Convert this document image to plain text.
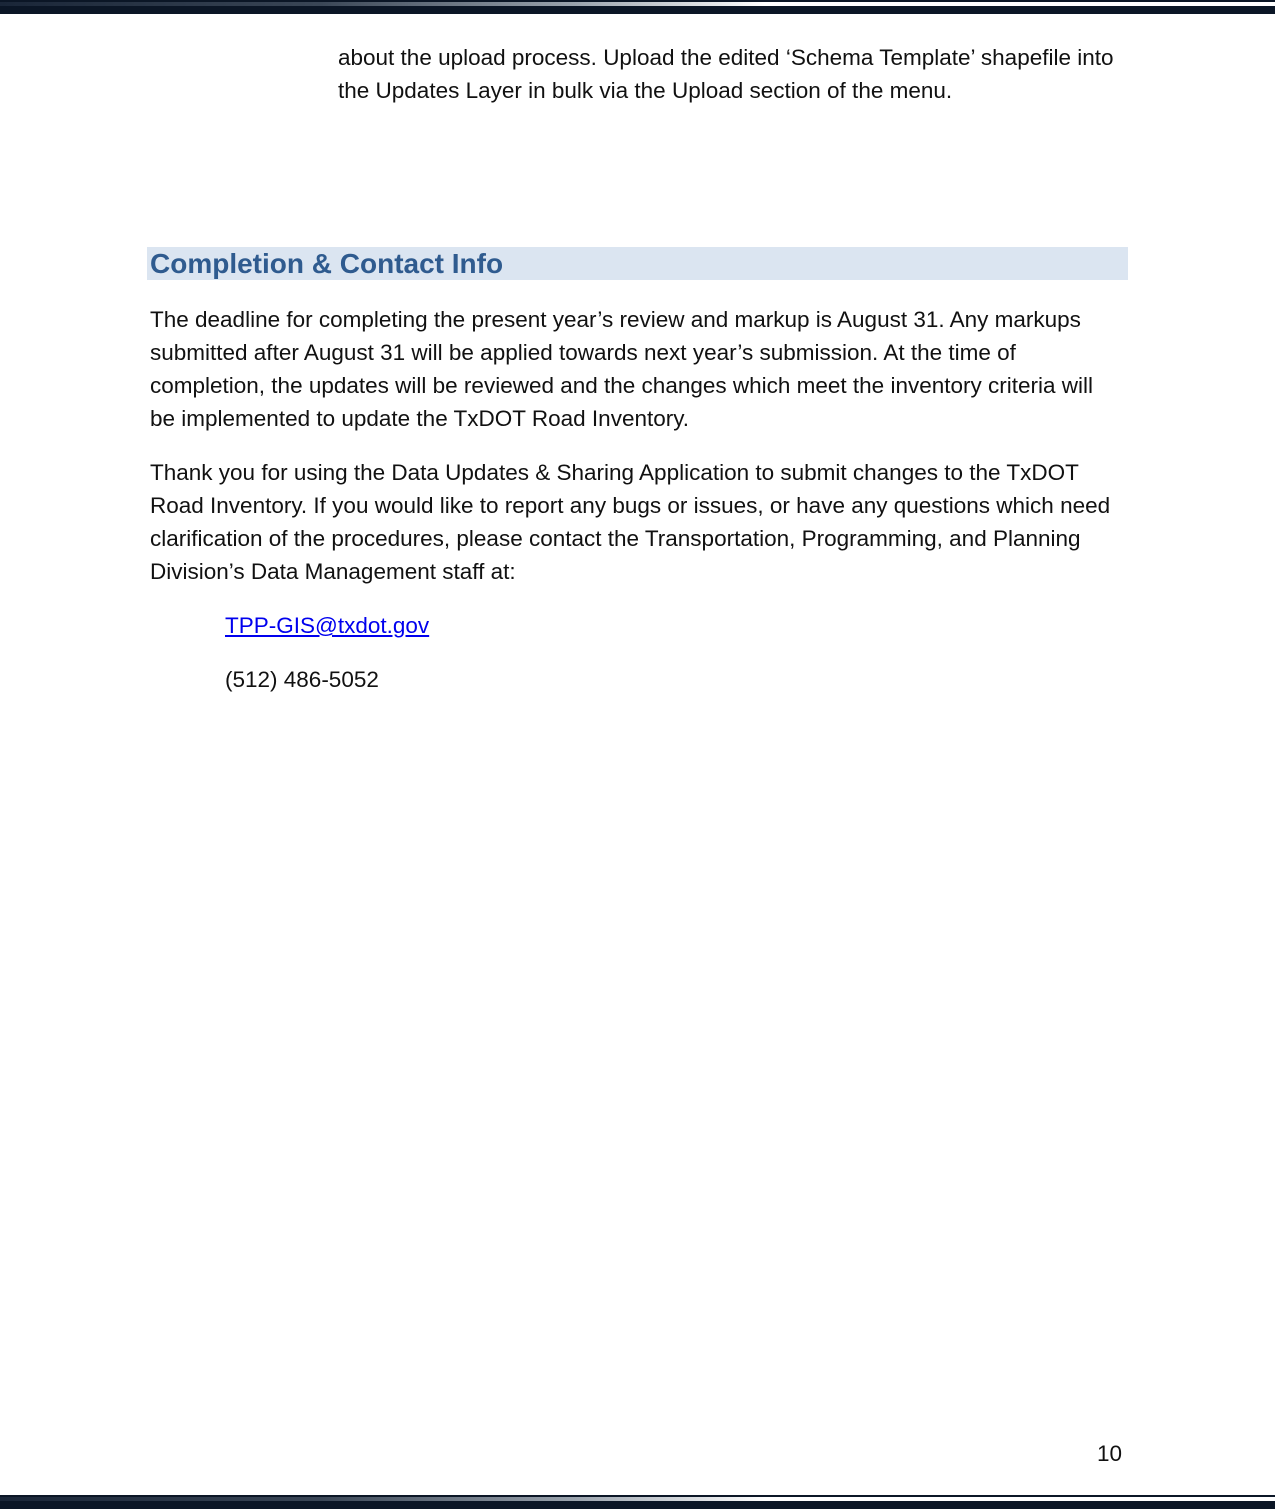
about the upload process. Upload the edited ‘Schema Template’ shapefile into the Updates Layer in bulk via the Upload section of the menu.

Completion & Contact Info

The deadline for completing the present year’s review and markup is August 31. Any markups submitted after August 31 will be applied towards next year’s submission. At the time of completion, the updates will be reviewed and the changes which meet the inventory criteria will be implemented to update the TxDOT Road Inventory.

Thank you for using the Data Updates & Sharing Application to submit changes to the TxDOT Road Inventory. If you would like to report any bugs or issues, or have any questions which need clarification of the procedures, please contact the Transportation, Programming, and Planning Division’s Data Management staff at:

TPP-GIS@txdot.gov

(512) 486-5052

10
